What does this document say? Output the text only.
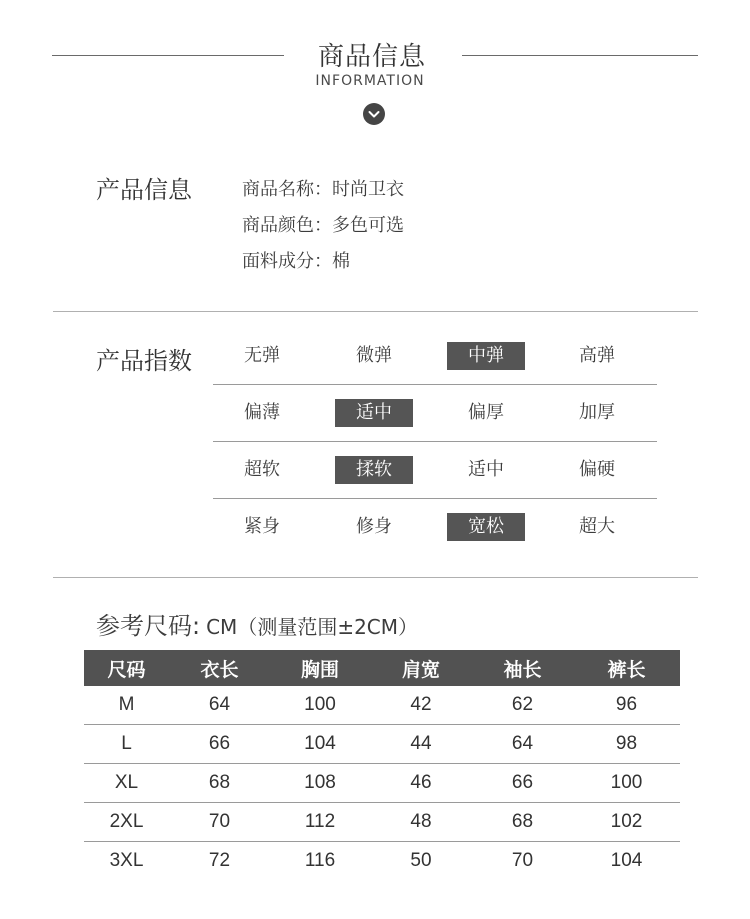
商品信息
INFORMATION
产品信息	商品名称：时尚卫衣
商品颜色：多色可选
面料成分：棉
产品指数	无弹	微弹	中弹	高弹
偏薄	适中	偏厚	加厚
超软	揉软	适中	偏硬
紧身	修身	宽松	超大
参考尺码: CM（测量范围±2CM）
尺码	衣长	胸围	肩宽	袖长	裤长
M	64	100	42	62	96
L	66	104	44	64	98
XL	68	108	46	66	100
2XL	70	112	48	68	102
3XL	72	116	50	70	104
